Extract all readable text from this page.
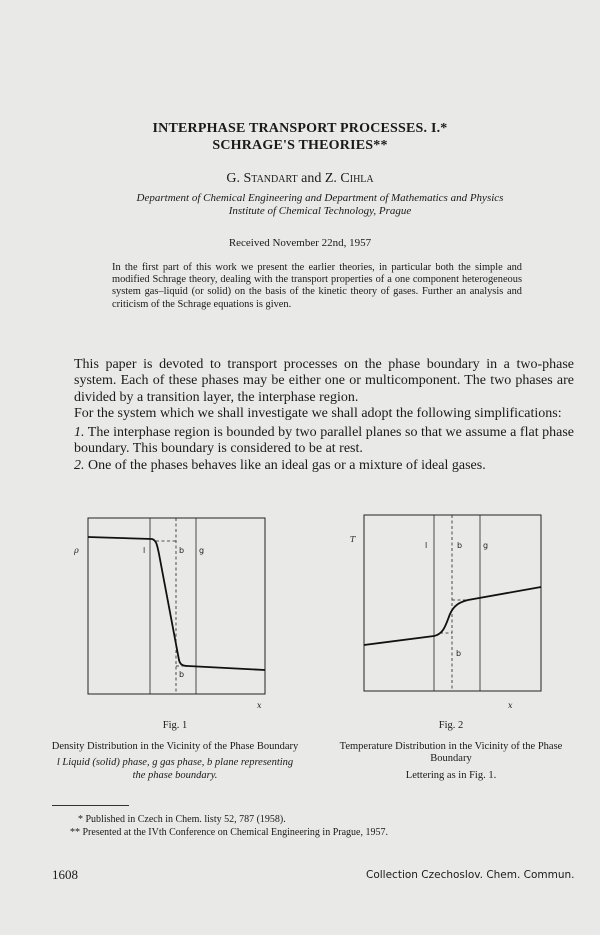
INTERPHASE TRANSPORT PROCESSES. I.*
SCHRAGE'S THEORIES**
G. Standart and Z. Cihla
Department of Chemical Engineering and Department of Mathematics and Physics
Institute of Chemical Technology, Prague
Received November 22nd, 1957
In the first part of this work we present the earlier theories, in particular both the simple and modified Schrage theory, dealing with the transport properties of a one component heterogeneous system gas–liquid (or solid) on the basis of the kinetic theory of gases. Further an analysis and criticism of the Schrage equations is given.

This paper is devoted to transport processes on the phase boundary in a two-phase system. Each of these phases may be either one or multicomponent. The two phases are divided by a transition layer, the interphase region.

For the system which we shall investigate we shall adopt the following simplifications:

1. The interphase region is bounded by two parallel planes so that we assume a flat phase boundary. This boundary is considered to be at rest.

2. One of the phases behaves like an ideal gas or a mixture of ideal gases.

ρ	l	b g
b
x
Fig. 1
Density Distribution in the Vicinity of the Phase Boundary
l Liquid (solid) phase, g gas phase, b plane representing the phase boundary.
T
l	b	g
b
x
Fig. 2
Temperature Distribution in the Vicinity of the Phase Boundary
Lettering as in Fig. 1.
* Published in Czech in Chem. listy 52, 787 (1958).
** Presented at the IVth Conference on Chemical Engineering in Prague, 1957.
1608	Collection Czechoslov. Chem. Commun.
